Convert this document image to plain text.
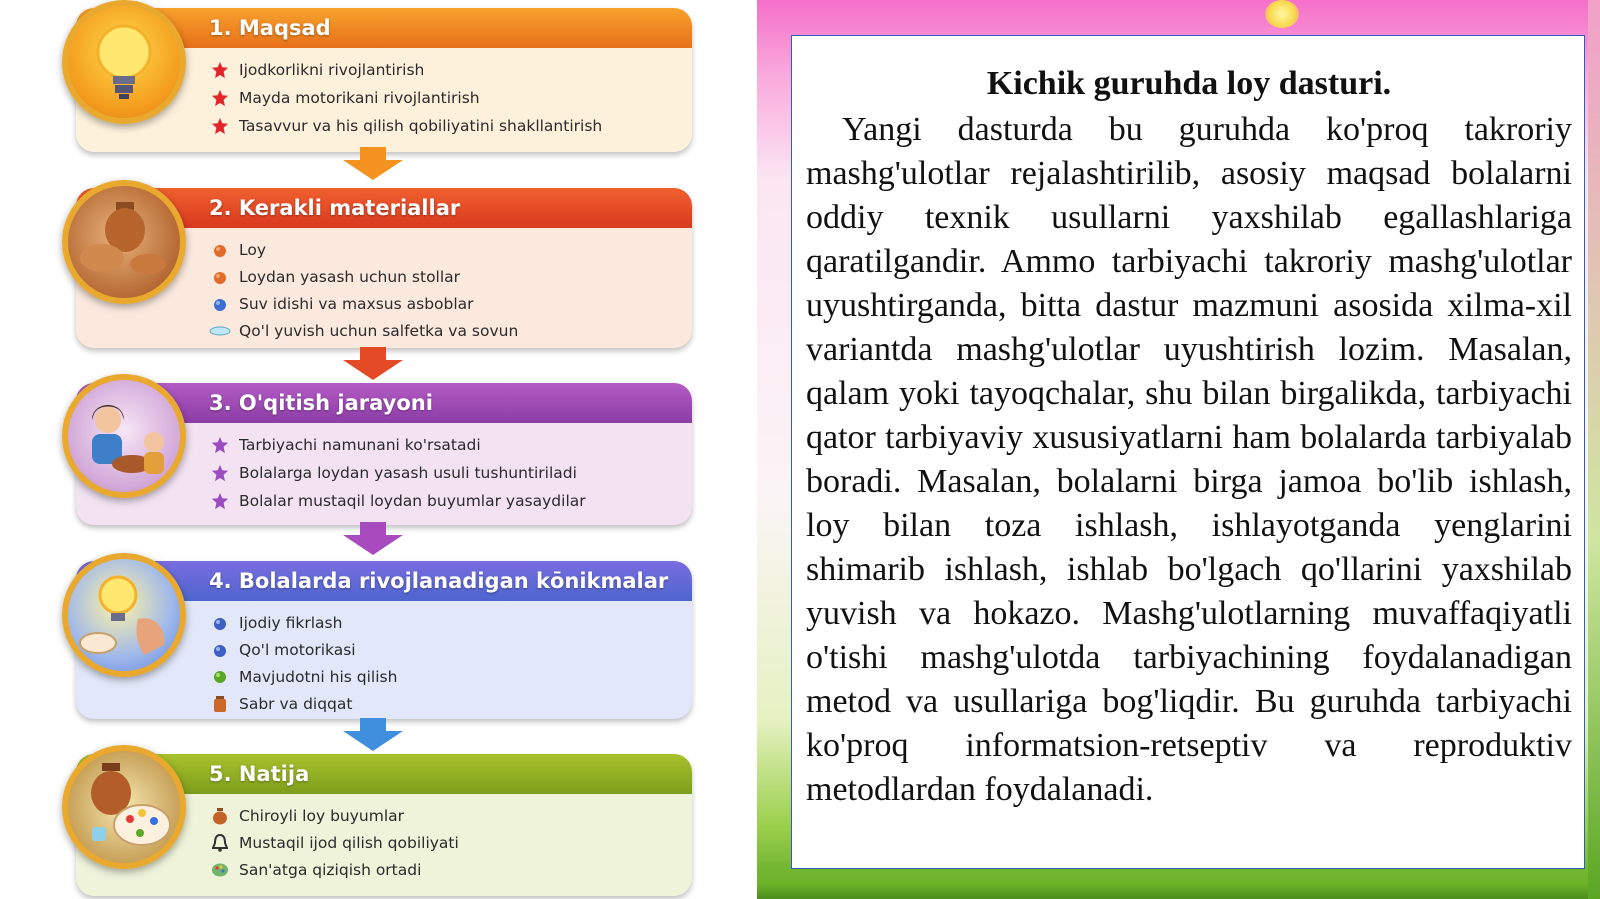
1. Maqsad
Ijodkorlikni rivojlantirish
Mayda motorikani rivojlantirish
Tasavvur va his qilish qobiliyatini shakllantirish
2. Kerakli materiallar
Loy
Loydan yasash uchun stollar
Suv idishi va maxsus asboblar
Qo'l yuvish uchun salfetka va sovun
3. O'qitish jarayoni
Tarbiyachi namunani ko'rsatadi
Bolalarga loydan yasash usuli tushuntiriladi
Bolalar mustaqil loydan buyumlar yasaydilar
4. Bolalarda rivojlanadigan kōnikmalar
Ijodiy fikrlash
Qo'l motorikasi
Mavjudotni his qilish
Sabr va diqqat
5. Natija
Chiroyli loy buyumlar
Mustaqil ijod qilish qobiliyati
San'atga qiziqish ortadi
Kichik guruhda loy dasturi.
Yangi dasturda bu guruhda ko'proq takroriy mashg'ulotlar rejalashtirilib, asosiy maqsad bolalarni oddiy texnik usullarni yaxshilab egallashlariga qaratilgandir. Ammo tarbiyachi takroriy mashg'ulotlar uyushtirganda, bitta dastur mazmuni asosida xilma-xil variantda mashg'ulotlar uyushtirish lozim. Masalan, qalam yoki tayoqchalar, shu bilan birgalikda, tarbiyachi qator tarbiyaviy xususiyatlarni ham bolalarda tarbiyalab boradi. Masalan, bolalarni birga jamoa bo'lib ishlash, loy bilan toza ishlash, ishlayotganda yenglarini shimarib ishlash, ishlab bo'lgach qo'llarini yaxshilab yuvish va hokazo. Mashg'ulotlarning muvaffaqiyatli o'tishi mashg'ulotda tarbiyachining foydalanadigan metod va usullariga bog'liqdir. Bu guruhda tarbiyachi ko'proq informatsion-retseptiv va reproduktiv metodlardan foydalanadi.
